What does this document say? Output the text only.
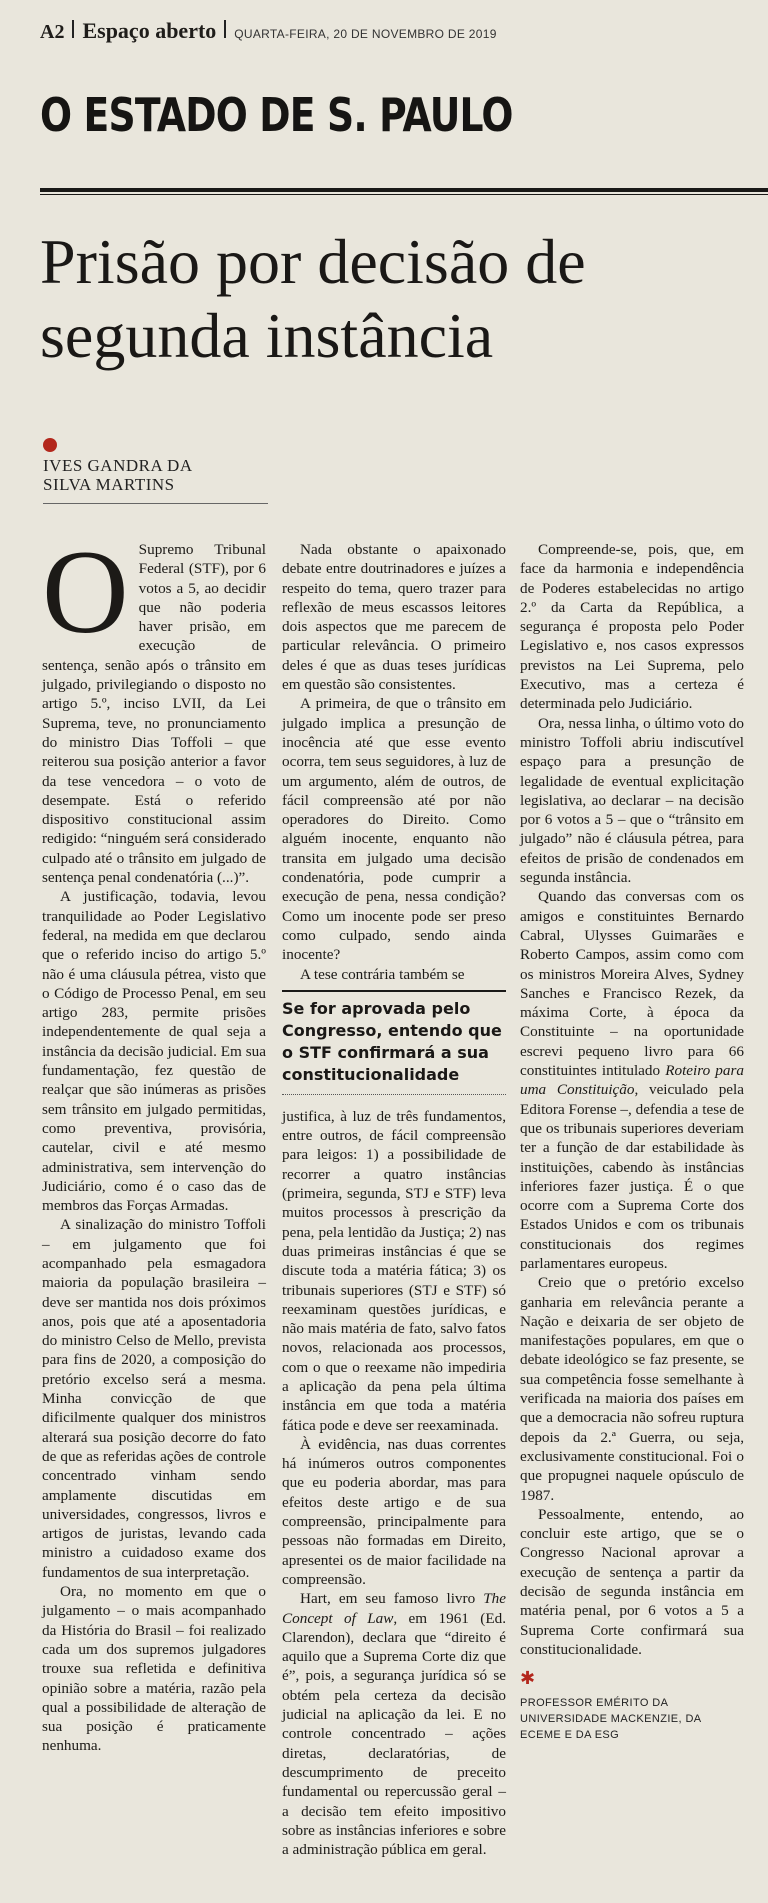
A2 Espaço aberto QUARTA-FEIRA, 20 DE NOVEMBRO DE 2019
O ESTADO DE S. PAULO
Prisão por decisão de segunda instância
IVES GANDRA DA
SILVA MARTINS

O Supremo Tribunal Federal (STF), por 6 votos a 5, ao decidir que não poderia haver prisão, em execução de sentença, senão após o trânsito em julgado, privilegiando o disposto no artigo 5.º, inciso LVII, da Lei Suprema, teve, no pronunciamento do ministro Dias Toffoli – que reiterou sua posição anterior a favor da tese vencedora – o voto de desempate. Está o referido dispositivo constitucional assim redigido: “ninguém será considerado culpado até o trânsito em julgado de sentença penal condenatória (...)”.

A justificação, todavia, levou tranquilidade ao Poder Legislativo federal, na medida em que declarou que o referido inciso do artigo 5.º não é uma cláusula pétrea, visto que o Código de Processo Penal, em seu artigo 283, permite prisões independentemente de qual seja a instância da decisão judicial. Em sua fundamentação, fez questão de realçar que são inúmeras as prisões sem trânsito em julgado permitidas, como preventiva, provisória, cautelar, civil e até mesmo administrativa, sem intervenção do Judiciário, como é o caso das de membros das Forças Armadas.

A sinalização do ministro Toffoli – em julgamento que foi acompanhado pela esmagadora maioria da população brasileira – deve ser mantida nos dois próximos anos, pois que até a aposentadoria do ministro Celso de Mello, prevista para fins de 2020, a composição do pretório excelso será a mesma. Minha convicção de que dificilmente qualquer dos ministros alterará sua posição decorre do fato de que as referidas ações de controle concentrado vinham sendo amplamente discutidas em universidades, congressos, livros e artigos de juristas, levando cada ministro a cuidadoso exame dos fundamentos de sua interpretação.

Ora, no momento em que o julgamento – o mais acompanhado da História do Brasil – foi realizado cada um dos supremos julgadores trouxe sua refletida e definitiva opinião sobre a matéria, razão pela qual a possibilidade de alteração de sua posição é praticamente nenhuma.

Nada obstante o apaixonado debate entre doutrinadores e juízes a respeito do tema, quero trazer para reflexão de meus escassos leitores dois aspectos que me parecem de particular relevância. O primeiro deles é que as duas teses jurídicas em questão são consistentes.

A primeira, de que o trânsito em julgado implica a presunção de inocência até que esse evento ocorra, tem seus seguidores, à luz de um argumento, além de outros, de fácil compreensão até por não operadores do Direito. Como alguém inocente, enquanto não transita em julgado uma decisão condenatória, pode cumprir a execução de pena, nessa condição? Como um inocente pode ser preso como culpado, sendo ainda inocente?

A tese contrária também se

Se for aprovada pelo Congresso, entendo que o STF confirmará a sua constitucionalidade

justifica, à luz de três fundamentos, entre outros, de fácil compreensão para leigos: 1) a possibilidade de recorrer a quatro instâncias (primeira, segunda, STJ e STF) leva muitos processos à prescrição da pena, pela lentidão da Justiça; 2) nas duas primeiras instâncias é que se discute toda a matéria fática; 3) os tribunais superiores (STJ e STF) só reexaminam questões jurídicas, e não mais matéria de fato, salvo fatos novos, relacionada aos processos, com o que o reexame não impediria a aplicação da pena pela última instância em que toda a matéria fática pode e deve ser reexaminada.

À evidência, nas duas correntes há inúmeros outros componentes que eu poderia abordar, mas para efeitos deste artigo e de sua compreensão, principalmente para pessoas não formadas em Direito, apresentei os de maior facilidade na compreensão.

Hart, em seu famoso livro The Concept of Law, em 1961 (Ed. Clarendon), declara que “direito é aquilo que a Suprema Corte diz que é”, pois, a segurança jurídica só se obtém pela certeza da decisão judicial na aplicação da lei. E no controle concentrado – ações diretas, declaratórias, de descumprimento de preceito fundamental ou repercussão geral – a decisão tem efeito impositivo sobre as instâncias inferiores e sobre a administração pública em geral.

Compreende-se, pois, que, em face da harmonia e independência de Poderes estabelecidas no artigo 2.º da Carta da República, a segurança é proposta pelo Poder Legislativo e, nos casos expressos previstos na Lei Suprema, pelo Executivo, mas a certeza é determinada pelo Judiciário.

Ora, nessa linha, o último voto do ministro Toffoli abriu indiscutível espaço para a presunção de legalidade de eventual explicitação legislativa, ao declarar – na decisão por 6 votos a 5 – que o “trânsito em julgado” não é cláusula pétrea, para efeitos de prisão de condenados em segunda instância.

Quando das conversas com os amigos e constituintes Bernardo Cabral, Ulysses Guimarães e Roberto Campos, assim como com os ministros Moreira Alves, Sydney Sanches e Francisco Rezek, da máxima Corte, à época da Constituinte – na oportunidade escrevi pequeno livro para 66 constituintes intitulado Roteiro para uma Constituição, veiculado pela Editora Forense –, defendia a tese de que os tribunais superiores deveriam ter a função de dar estabilidade às instituições, cabendo às instâncias inferiores fazer justiça. É o que ocorre com a Suprema Corte dos Estados Unidos e com os tribunais constitucionais dos regimes parlamentares europeus.

Creio que o pretório excelso ganharia em relevância perante a Nação e deixaria de ser objeto de manifestações populares, em que o debate ideológico se faz presente, se sua competência fosse semelhante à verificada na maioria dos países em que a democracia não sofreu ruptura depois da 2.ª Guerra, ou seja, exclusivamente constitucional. Foi o que propugnei naquele opúsculo de 1987.

Pessoalmente, entendo, ao concluir este artigo, que se o Congresso Nacional aprovar a execução de sentença a partir da decisão de segunda instância em matéria penal, por 6 votos a 5 a Suprema Corte confirmará sua constitucionalidade.

✱
PROFESSOR EMÉRITO DA UNIVERSIDADE MACKENZIE, DA ECEME E DA ESG
